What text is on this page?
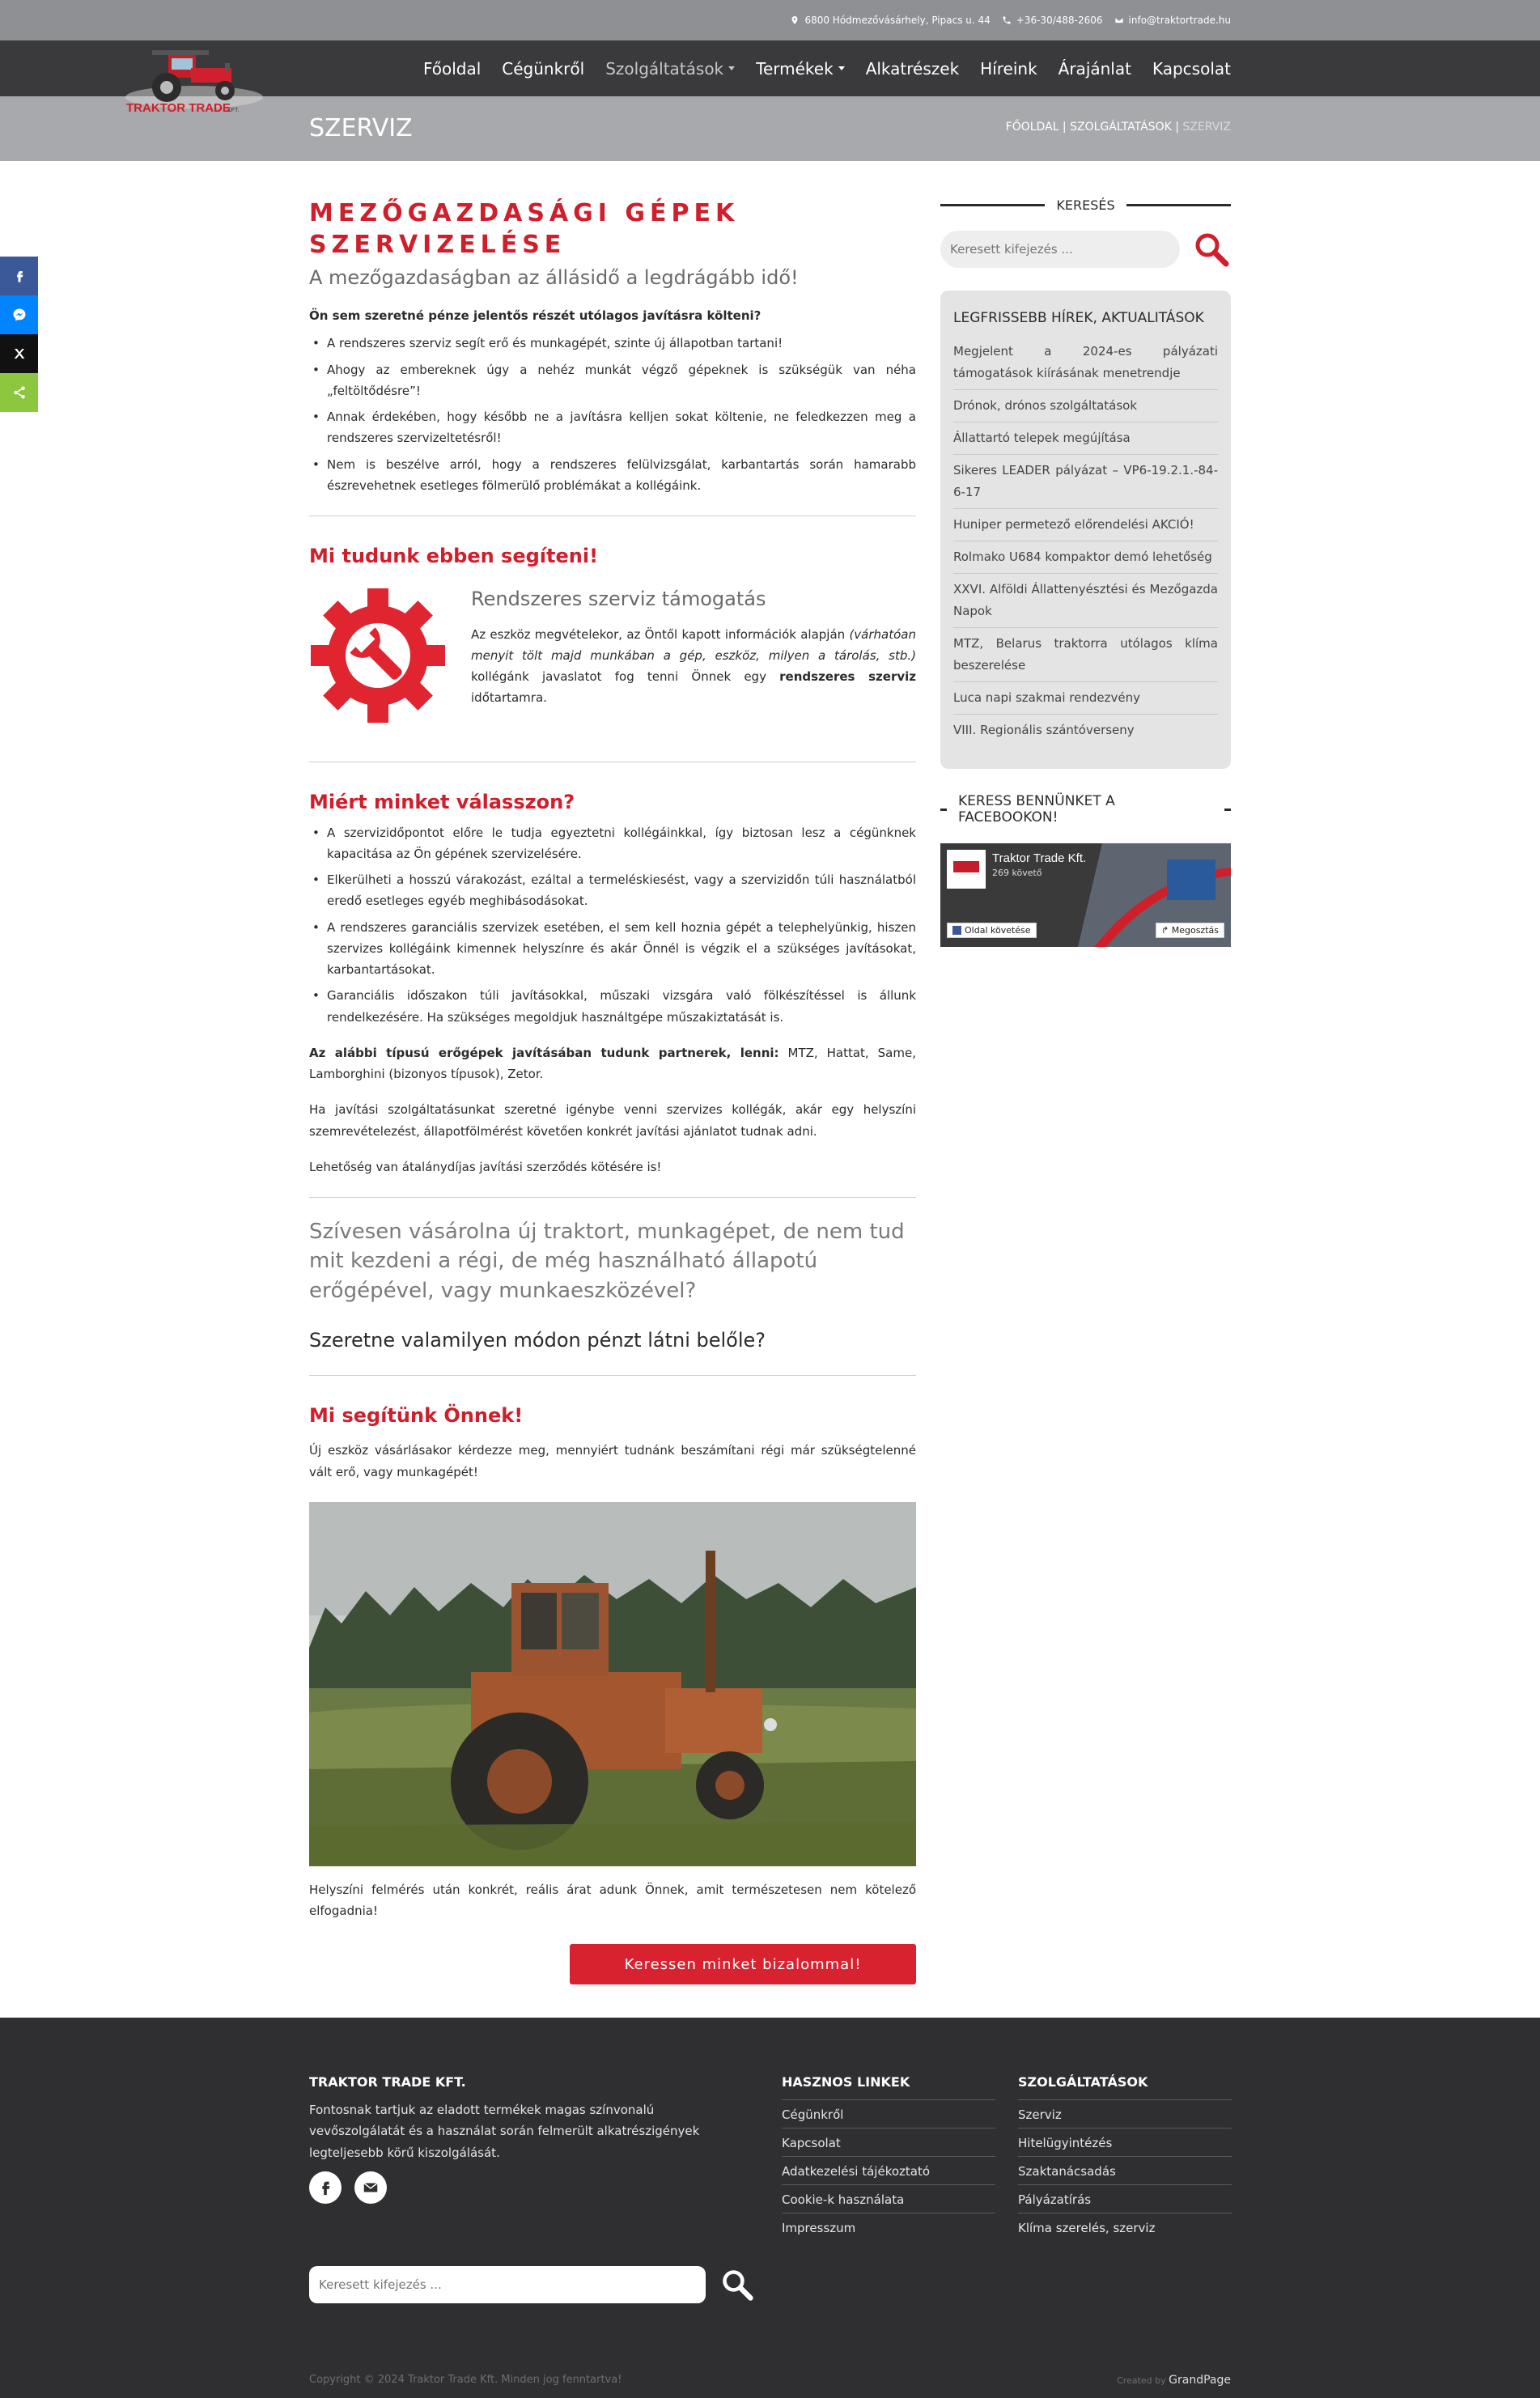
6800 Hódmezővásárhely, Pipacs u. 44	+36-30/488-2606	info@traktortrade.hu
TRAKTOR TRADE
KFT.
Főoldal Cégünkről Szolgáltatások Termékek Alkatrészek Híreink Árajánlat Kapcsolat
SZERVIZ	FŐOLDAL | SZOLGÁLTATÁSOK | SZERVIZ
MEZŐGAZDASÁGI GÉPEK SZERVIZELÉSE
A mezőgazdaságban az állásidő a legdrágább idő!
Ön sem szeretné pénze jelentős részét utólagos javításra költeni?
• A rendszeres szerviz segít erő és munkagépét, szinte új állapotban tartani!
• Ahogy az embereknek úgy a nehéz munkát végző gépeknek is szükségük van néha „feltöltődésre”!
• Annak érdekében, hogy később ne a javításra kelljen sokat költenie, ne feledkezzen meg a rendszeres szervizeltetésről!
• Nem is beszélve arról, hogy a rendszeres felülvizsgálat, karbantartás során hamarabb észrevehetnek esetleges fölmerülő problémákat a kollégáink.
Mi tudunk ebben segíteni!
Rendszeres szerviz támogatás

Az eszköz megvételekor, az Öntől kapott információk alapján (várhatóan menyit tölt majd munkában a gép, eszköz, milyen a tárolás, stb.) kollégánk javaslatot fog tenni Önnek egy rendszeres szerviz időtartamra.

Miért minket válasszon?
• A szervizidőpontot előre le tudja egyeztetni kollégáinkkal, így biztosan lesz a cégünknek kapacitása az Ön gépének szervizelésére.
• Elkerülheti a hosszú várakozást, ezáltal a termeléskiesést, vagy a szervizidőn túli használatból eredő esetleges egyéb meghibásodásokat.
• A rendszeres garanciális szervizek esetében, el sem kell hoznia gépét a telephelyünkig, hiszen szervizes kollégáink kimennek helyszínre és akár Önnél is végzik el a szükséges javításokat, karbantartásokat.
• Garanciális időszakon túli javításokkal, műszaki vizsgára való fölkészítéssel is állunk rendelkezésére. Ha szükséges megoldjuk használtgépe műszakiztatását is.

Az alábbi típusú erőgépek javításában tudunk partnerek, lenni: MTZ, Hattat, Same, Lamborghini (bizonyos típusok), Zetor.

Ha javítási szolgáltatásunkat szeretné igénybe venni szervizes kollégák, akár egy helyszíni szemrevételezést, állapotfölmérést követően konkrét javítási ajánlatot tudnak adni.

Lehetőség van átalánydíjas javítási szerződés kötésére is!

Szívesen vásárolna új traktort, munkagépet, de nem tud mit kezdeni a régi, de még használható állapotú erőgépével, vagy munkaeszközével?
Szeretne valamilyen módon pénzt látni belőle?
Mi segítünk Önnek!

Új eszköz vásárlásakor kérdezze meg, mennyiért tudnánk beszámítani régi már szükségtelenné vált erő, vagy munkagépét!

Helyszíni felmérés után konkrét, reális árat adunk Önnek, amit természetesen nem kötelező elfogadnia!

Keressen minket bizalommal!
KERESÉS
Keresett kifejezés ...
LEGFRISSEBB HÍREK, AKTUALITÁSOK
Megjelent a 2024-es pályázati támogatások kiírásának menetrendje
Drónok, drónos szolgáltatások
Állattartó telepek megújítása
Sikeres LEADER pályázat – VP6-19.2.1.-84-6-17
Huniper permetező előrendelési AKCIÓ!
Rolmako U684 kompaktor demó lehetőség
XXVI. Alföldi Állattenyésztési és Mezőgazda Napok
MTZ, Belarus traktorra utólagos klíma beszerelése
Luca napi szakmai rendezvény
VIII. Regionális szántóverseny
KERESS BENNÜNKET A FACEBOOKON!
Traktor Trade Kft.
269 követő
Oldal követése	↱ Megosztás
TRAKTOR TRADE KFT.

Fontosnak tartjuk az eladott termékek magas színvonalú vevőszolgálatát és a használat során felmerült alkatrészigények legteljesebb körű kiszolgálását.

Keresett kifejezés ...
HASZNOS LINKEK
Cégünkről
Kapcsolat
Adatkezelési tájékoztató
Cookie-k használata
Impresszum
SZOLGÁLTATÁSOK
Szerviz
Hitelügyintézés
Szaktanácsadás
Pályázatírás
Klíma szerelés, szerviz
Copyright © 2024 Traktor Trade Kft. Minden jog fenntartva!	Created by GrandPage
